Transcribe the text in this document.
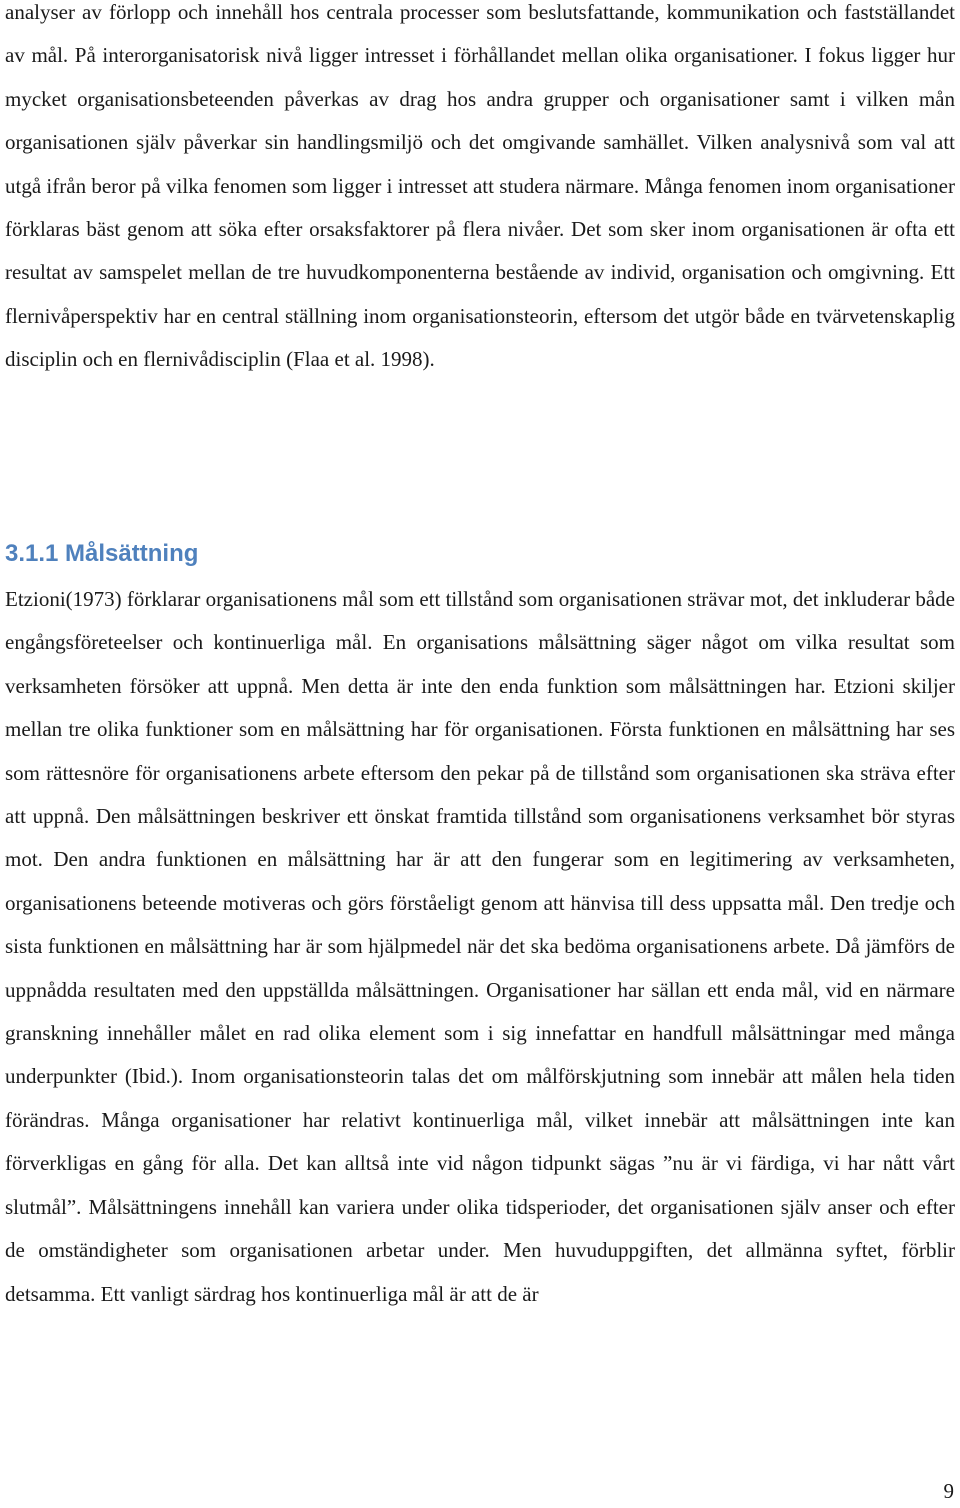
analyser av förlopp och innehåll hos centrala processer som beslutsfattande, kommunikation och fastställandet av mål. På interorganisatorisk nivå ligger intresset i förhållandet mellan olika organisationer. I fokus ligger hur mycket organisationsbeteenden påverkas av drag hos andra grupper och organisationer samt i vilken mån organisationen själv påverkar sin handlingsmiljö och det omgivande samhället. Vilken analysnivå som val att utgå ifrån beror på vilka fenomen som ligger i intresset att studera närmare. Många fenomen inom organisationer förklaras bäst genom att söka efter orsaksfaktorer på flera nivåer. Det som sker inom organisationen är ofta ett resultat av samspelet mellan de tre huvudkomponenterna bestående av individ, organisation och omgivning. Ett flernivåperspektiv har en central ställning inom organisationsteorin, eftersom det utgör både en tvärvetenskaplig disciplin och en flernivådisciplin (Flaa et al. 1998).

3.1.1 Målsättning

Etzioni(1973) förklarar organisationens mål som ett tillstånd som organisationen strävar mot, det inkluderar både engångsföreteelser och kontinuerliga mål. En organisations målsättning säger något om vilka resultat som verksamheten försöker att uppnå. Men detta är inte den enda funktion som målsättningen har. Etzioni skiljer mellan tre olika funktioner som en målsättning har för organisationen. Första funktionen en målsättning har ses som rättesnöre för organisationens arbete eftersom den pekar på de tillstånd som organisationen ska sträva efter att uppnå. Den målsättningen beskriver ett önskat framtida tillstånd som organisationens verksamhet bör styras mot. Den andra funktionen en målsättning har är att den fungerar som en legitimering av verksamheten, organisationens beteende motiveras och görs förståeligt genom att hänvisa till dess uppsatta mål. Den tredje och sista funktionen en målsättning har är som hjälpmedel när det ska bedöma organisationens arbete. Då jämförs de uppnådda resultaten med den uppställda målsättningen. Organisationer har sällan ett enda mål, vid en närmare granskning innehåller målet en rad olika element som i sig innefattar en handfull målsättningar med många underpunkter (Ibid.). Inom organisationsteorin talas det om målförskjutning som innebär att målen hela tiden förändras. Många organisationer har relativt kontinuerliga mål, vilket innebär att målsättningen inte kan förverkligas en gång för alla. Det kan alltså inte vid någon tidpunkt sägas ”nu är vi färdiga, vi har nått vårt slutmål”. Målsättningens innehåll kan variera under olika tidsperioder, det organisationen själv anser och efter de omständigheter som organisationen arbetar under. Men huvuduppgiften, det allmänna syftet, förblir detsamma. Ett vanligt särdrag hos kontinuerliga mål är att de är

9
